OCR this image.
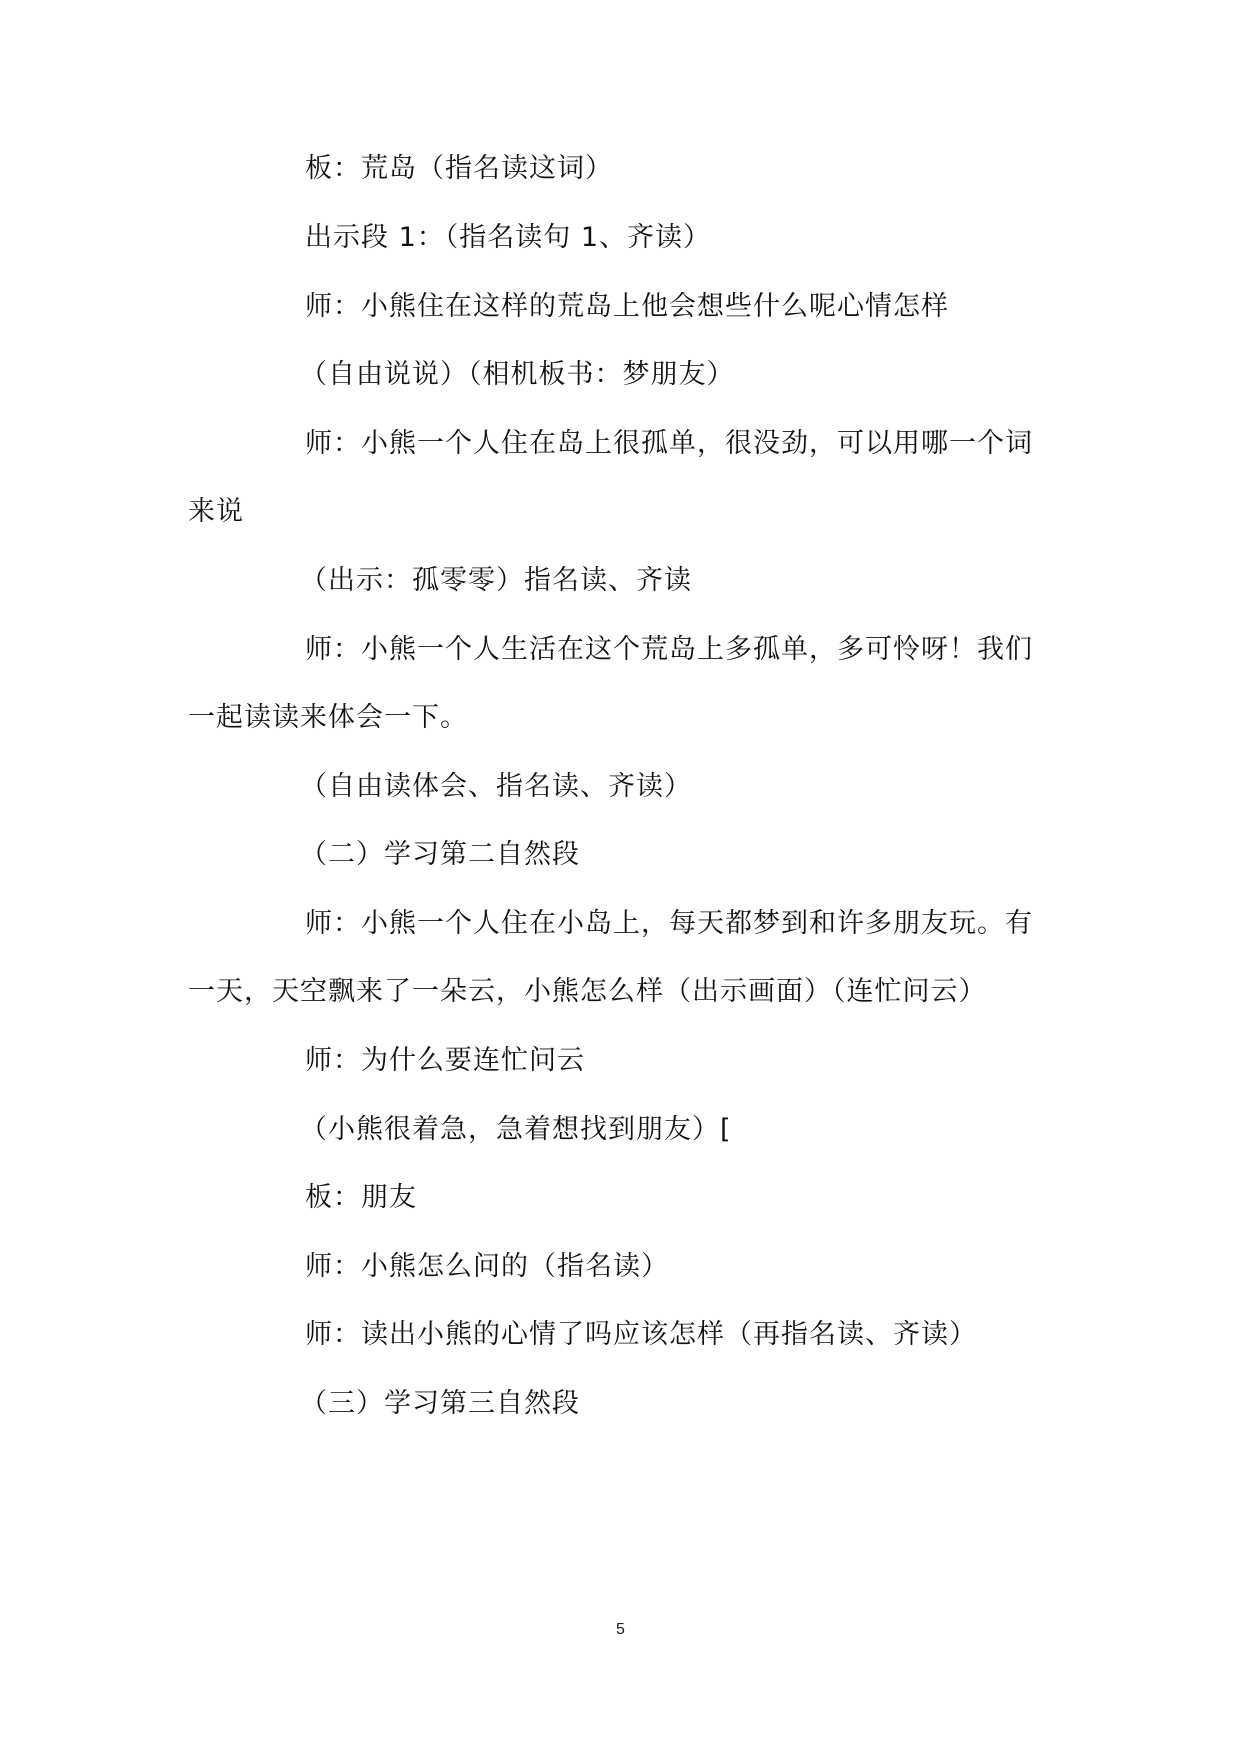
板：荒岛（指名读这词）
出示段 1：（指名读句 1、齐读）
师：小熊住在这样的荒岛上他会想些什么呢心情怎样
（自由说说）（相机板书：梦朋友）
师：小熊一个人住在岛上很孤单，很没劲，可以用哪一个词
来说
（出示：孤零零）指名读、齐读
师：小熊一个人生活在这个荒岛上多孤单，多可怜呀！我们
一起读读来体会一下。
（自由读体会、指名读、齐读）
（二）学习第二自然段
师：小熊一个人住在小岛上，每天都梦到和许多朋友玩。有
一天，天空飘来了一朵云，小熊怎么样（出示画面）（连忙问云）
师：为什么要连忙问云
（小熊很着急，急着想找到朋友）[
板：朋友
师：小熊怎么问的（指名读）
师：读出小熊的心情了吗应该怎样（再指名读、齐读）
（三）学习第三自然段
5
